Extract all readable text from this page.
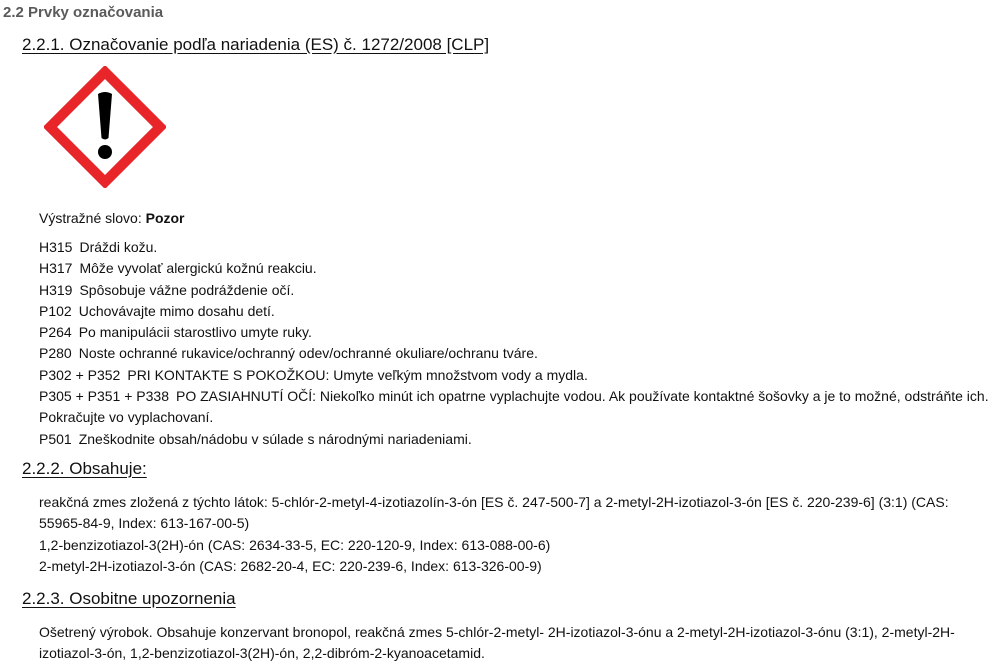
2.2 Prvky označovania
2.2.1. Označovanie podľa nariadenia (ES) č. 1272/2008 [CLP]
Výstražné slovo: Pozor
H315 Dráždi kožu.
H317 Môže vyvolať alergickú kožnú reakciu.
H319 Spôsobuje vážne podráždenie očí.
P102 Uchovávajte mimo dosahu detí.
P264 Po manipulácii starostlivo umyte ruky.
P280 Noste ochranné rukavice/ochranný odev/ochranné okuliare/ochranu tváre.
P302 + P352 PRI KONTAKTE S POKOŽKOU: Umyte veľkým množstvom vody a mydla.
P305 + P351 + P338 PO ZASIAHNUTÍ OČÍ: Niekoľko minút ich opatrne vyplachujte vodou. Ak používate kontaktné šošovky a je to možné, odstráňte ich. Pokračujte vo vyplachovaní.
P501 Zneškodnite obsah/nádobu v súlade s národnými nariadeniami.
2.2.2. Obsahuje:
reakčná zmes zložená z týchto látok: 5-chlór-2-metyl-4-izotiazolín-3-ón [ES č. 247-500-7] a 2-metyl-2H-izotiazol-3-ón [ES č. 220-239-6] (3:1) (CAS: 55965-84-9, Index: 613-167-00-5)
1,2-benzizotiazol-3(2H)-ón (CAS: 2634-33-5, EC: 220-120-9, Index: 613-088-00-6)
2-metyl-2H-izotiazol-3-ón (CAS: 2682-20-4, EC: 220-239-6, Index: 613-326-00-9)
2.2.3. Osobitne upozornenia
Ošetrený výrobok. Obsahuje konzervant bronopol, reakčná zmes 5-chlór-2-metyl- 2H-izotiazol-3-ónu a 2-metyl-2H-izotiazol-3-ónu (3:1), 2-metyl-2H-izotiazol-3-ón, 1,2-benzizotiazol-3(2H)-ón, 2,2-dibróm-2-kyanoacetamid.
